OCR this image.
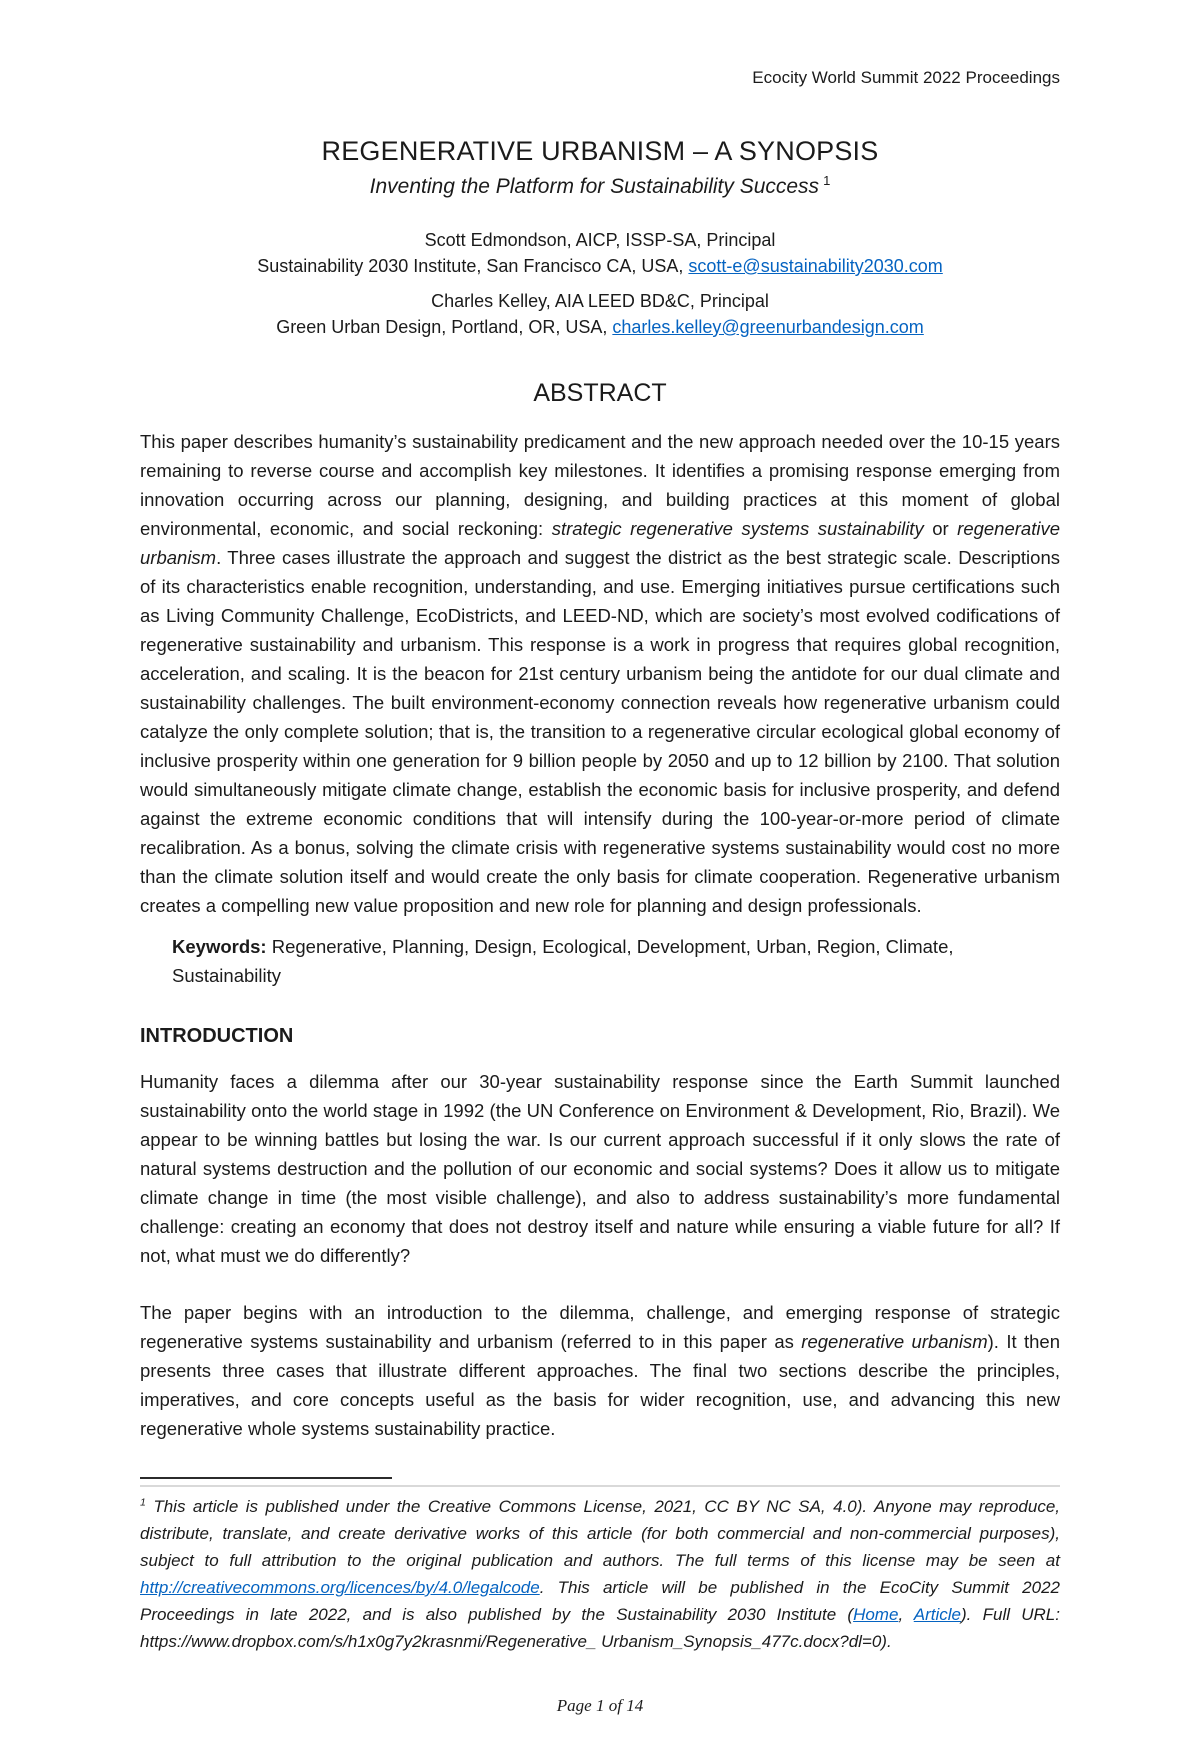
Ecocity World Summit 2022 Proceedings
REGENERATIVE URBANISM – A SYNOPSIS
Inventing the Platform for Sustainability Success $^1$
Scott Edmondson, AICP, ISSP-SA, Principal
Sustainability 2030 Institute, San Francisco CA, USA, scott-e@sustainability2030.com
Charles Kelley, AIA LEED BD&C, Principal
Green Urban Design, Portland, OR, USA, charles.kelley@greenurbandesign.com
ABSTRACT

This paper describes humanity’s sustainability predicament and the new approach needed over the 10-15 years remaining to reverse course and accomplish key milestones. It identifies a promising response emerging from innovation occurring across our planning, designing, and building practices at this moment of global environmental, economic, and social reckoning: strategic regenerative systems sustainability or regenerative urbanism. Three cases illustrate the approach and suggest the district as the best strategic scale. Descriptions of its characteristics enable recognition, understanding, and use. Emerging initiatives pursue certifications such as Living Community Challenge, EcoDistricts, and LEED-ND, which are society’s most evolved codifications of regenerative sustainability and urbanism. This response is a work in progress that requires global recognition, acceleration, and scaling. It is the beacon for 21st century urbanism being the antidote for our dual climate and sustainability challenges. The built environment-economy connection reveals how regenerative urbanism could catalyze the only complete solution; that is, the transition to a regenerative circular ecological global economy of inclusive prosperity within one generation for 9 billion people by 2050 and up to 12 billion by 2100. That solution would simultaneously mitigate climate change, establish the economic basis for inclusive prosperity, and defend against the extreme economic conditions that will intensify during the 100-year-or-more period of climate recalibration. As a bonus, solving the climate crisis with regenerative systems sustainability would cost no more than the climate solution itself and would create the only basis for climate cooperation. Regenerative urbanism creates a compelling new value proposition and new role for planning and design professionals.

Keywords: Regenerative, Planning, Design, Ecological, Development, Urban, Region, Climate, Sustainability
INTRODUCTION

Humanity faces a dilemma after our 30-year sustainability response since the Earth Summit launched sustainability onto the world stage in 1992 (the UN Conference on Environment & Development, Rio, Brazil). We appear to be winning battles but losing the war. Is our current approach successful if it only slows the rate of natural systems destruction and the pollution of our economic and social systems? Does it allow us to mitigate climate change in time (the most visible challenge), and also to address sustainability’s more fundamental challenge: creating an economy that does not destroy itself and nature while ensuring a viable future for all? If not, what must we do differently?

The paper begins with an introduction to the dilemma, challenge, and emerging response of strategic regenerative systems sustainability and urbanism (referred to in this paper as regenerative urbanism). It then presents three cases that illustrate different approaches. The final two sections describe the principles, imperatives, and core concepts useful as the basis for wider recognition, use, and advancing this new regenerative whole systems sustainability practice.

$^1$ This article is published under the Creative Commons License, 2021, CC BY NC SA, 4.0). Anyone may reproduce, distribute, translate, and create derivative works of this article (for both commercial and non-commercial purposes), subject to full attribution to the original publication and authors. The full terms of this license may be seen at http://creativecommons.org/licences/by/4.0/legalcode. This article will be published in the EcoCity Summit 2022 Proceedings in late 2022, and is also published by the Sustainability 2030 Institute (Home, Article). Full URL: https://www.dropbox.com/s/h1x0g7y2krasnmi/Regenerative_ Urbanism_Synopsis_477c.docx?dl=0).

Page 1 of 14
